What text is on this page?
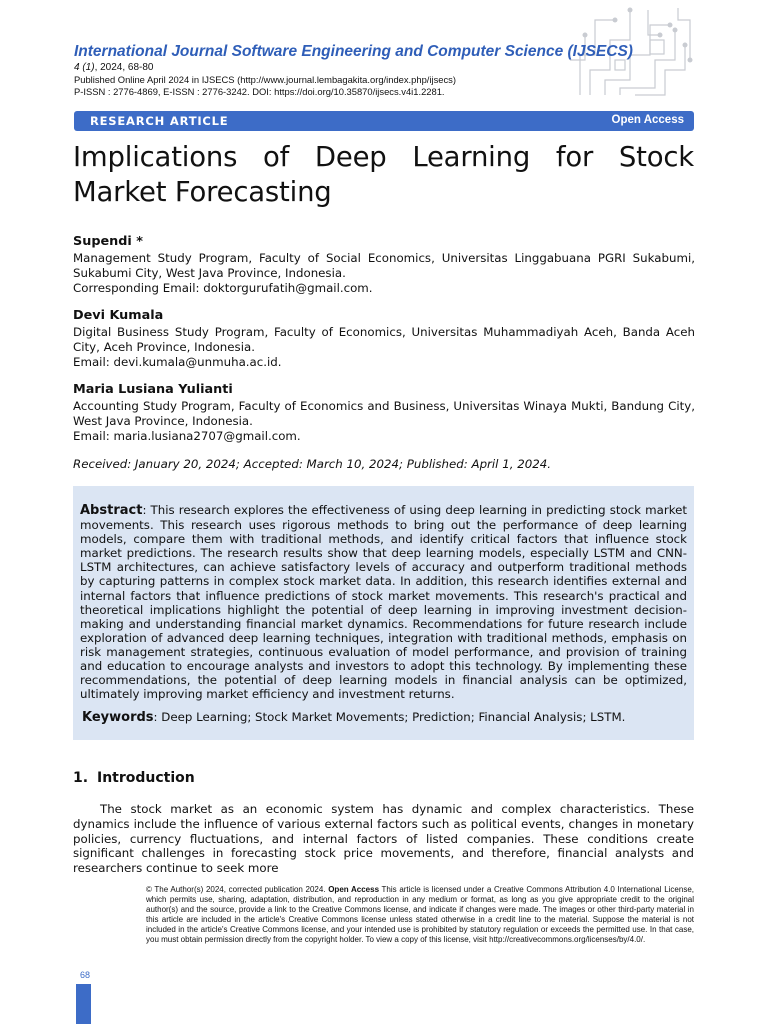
International Journal Software Engineering and Computer Science (IJSECS)
4 (1), 2024, 68-80
Published Online April 2024 in IJSECS (http://www.journal.lembagakita.org/index.php/ijsecs)
P-ISSN : 2776-4869, E-ISSN : 2776-3242. DOI: https://doi.org/10.35870/ijsecs.v4i1.2281.
RESEARCH ARTICLE	Open Access
Implications of Deep Learning for Stock Market Forecasting
Supendi *
Management Study Program, Faculty of Social Economics, Universitas Linggabuana PGRI Sukabumi, Sukabumi City, West Java Province, Indonesia.
Corresponding Email: doktorgurufatih@gmail.com.
Devi Kumala
Digital Business Study Program, Faculty of Economics, Universitas Muhammadiyah Aceh, Banda Aceh City, Aceh Province, Indonesia.
Email: devi.kumala@unmuha.ac.id.
Maria Lusiana Yulianti
Accounting Study Program, Faculty of Economics and Business, Universitas Winaya Mukti, Bandung City, West Java Province, Indonesia.
Email: maria.lusiana2707@gmail.com.
Received: January 20, 2024; Accepted: March 10, 2024; Published: April 1, 2024.
Abstract: This research explores the effectiveness of using deep learning in predicting stock market movements. This research uses rigorous methods to bring out the performance of deep learning models, compare them with traditional methods, and identify critical factors that influence stock market predictions. The research results show that deep learning models, especially LSTM and CNN-LSTM architectures, can achieve satisfactory levels of accuracy and outperform traditional methods by capturing patterns in complex stock market data. In addition, this research identifies external and internal factors that influence predictions of stock market movements. This research's practical and theoretical implications highlight the potential of deep learning in improving investment decision-making and understanding financial market dynamics. Recommendations for future research include exploration of advanced deep learning techniques, integration with traditional methods, emphasis on risk management strategies, continuous evaluation of model performance, and provision of training and education to encourage analysts and investors to adopt this technology. By implementing these recommendations, the potential of deep learning models in financial analysis can be optimized, ultimately improving market efficiency and investment returns.
Keywords: Deep Learning; Stock Market Movements; Prediction; Financial Analysis; LSTM.
1. Introduction
The stock market as an economic system has dynamic and complex characteristics. These dynamics include the influence of various external factors such as political events, changes in monetary policies, currency fluctuations, and internal factors of listed companies. These conditions create significant challenges in forecasting stock price movements, and therefore, financial analysts and researchers continue to seek more
© The Author(s) 2024, corrected publication 2024. Open Access This article is licensed under a Creative Commons Attribution 4.0 International License, which permits use, sharing, adaptation, distribution, and reproduction in any medium or format, as long as you give appropriate credit to the original author(s) and the source, provide a link to the Creative Commons license, and indicate if changes were made. The images or other third-party material in this article are included in the article's Creative Commons license unless stated otherwise in a credit line to the material. Suppose the material is not included in the article's Creative Commons license, and your intended use is prohibited by statutory regulation or exceeds the permitted use. In that case, you must obtain permission directly from the copyright holder. To view a copy of this license, visit http://creativecommons.org/licenses/by/4.0/.
68
